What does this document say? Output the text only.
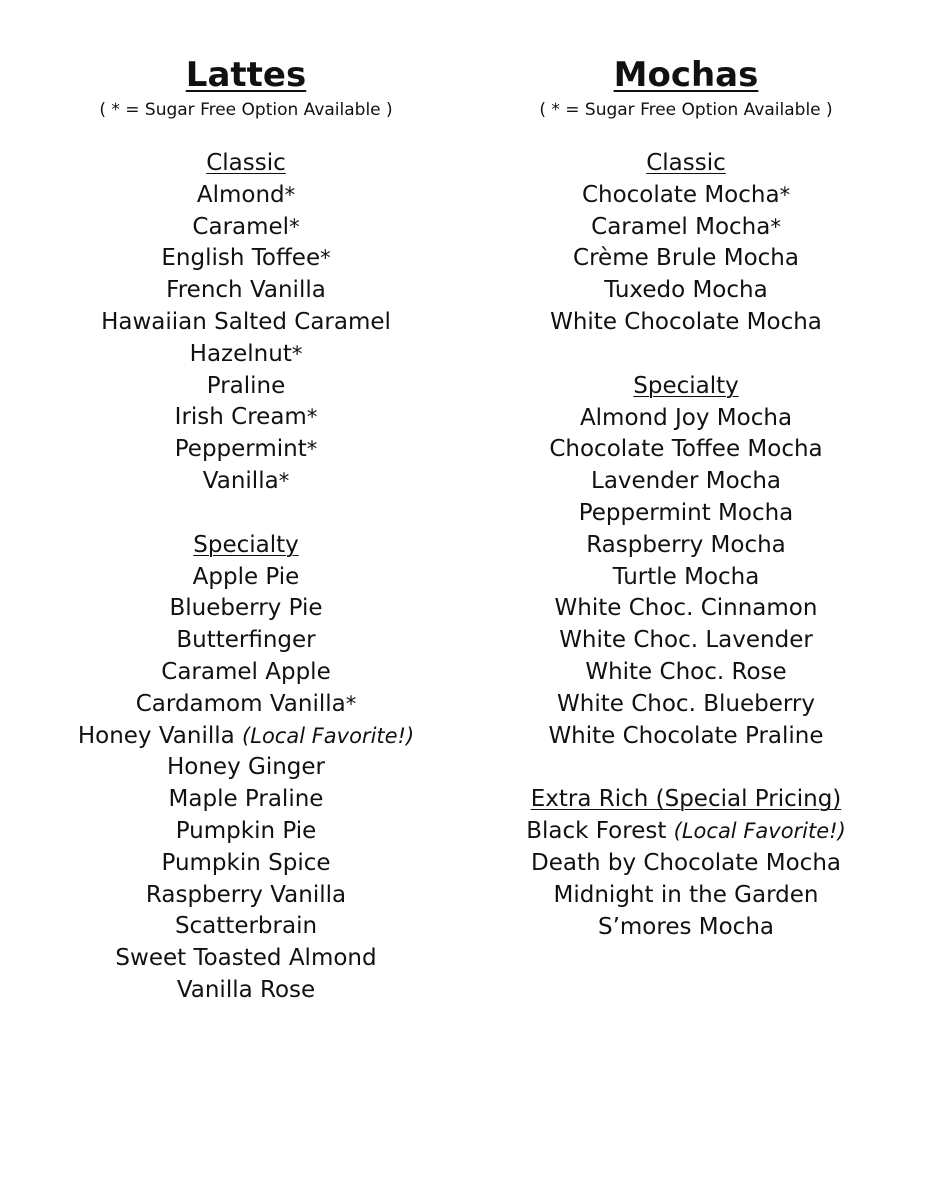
Lattes

( * = Sugar Free Option Available )

Classic
Almond*
Caramel*
English Toffee*
French Vanilla
Hawaiian Salted Caramel
Hazelnut*
Praline
Irish Cream*
Peppermint*
Vanilla*
Specialty
Apple Pie
Blueberry Pie
Butterfinger
Caramel Apple
Cardamom Vanilla*
Honey Vanilla (Local Favorite!)
Honey Ginger
Maple Praline
Pumpkin Pie
Pumpkin Spice
Raspberry Vanilla
Scatterbrain
Sweet Toasted Almond
Vanilla Rose
Mochas

( * = Sugar Free Option Available )

Classic
Chocolate Mocha*
Caramel Mocha*
Crème Brule Mocha
Tuxedo Mocha
White Chocolate Mocha
Specialty
Almond Joy Mocha
Chocolate Toffee Mocha
Lavender Mocha
Peppermint Mocha
Raspberry Mocha
Turtle Mocha
White Choc. Cinnamon
White Choc. Lavender
White Choc. Rose
White Choc. Blueberry
White Chocolate Praline
Extra Rich (Special Pricing)
Black Forest (Local Favorite!)
Death by Chocolate Mocha
Midnight in the Garden
S’mores Mocha
